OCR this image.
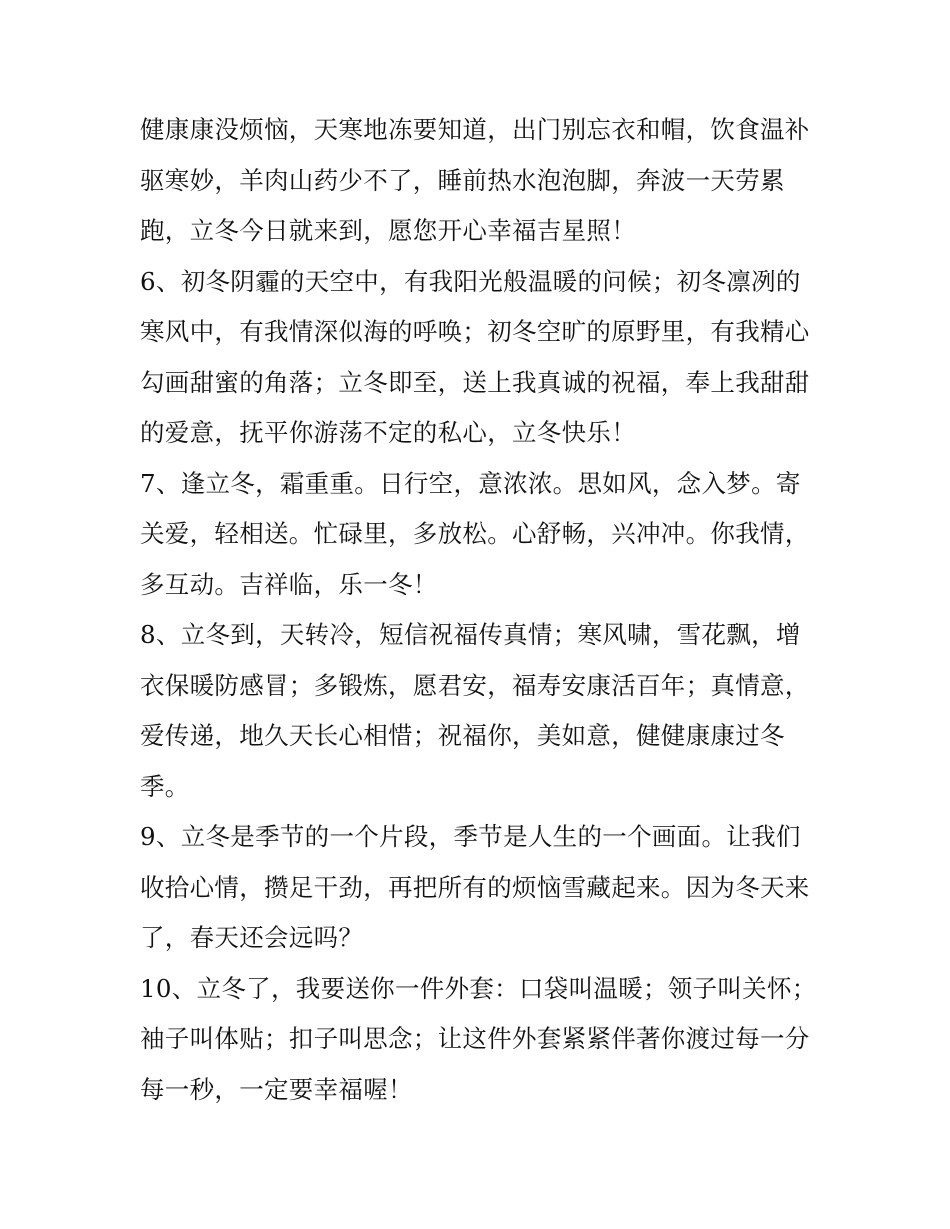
健康康没烦恼，天寒地冻要知道，出门别忘衣和帽，饮食温补
驱寒妙，羊肉山药少不了，睡前热水泡泡脚，奔波一天劳累
跑，立冬今日就来到，愿您开心幸福吉星照！
6、初冬阴霾的天空中，有我阳光般温暖的问候；初冬凛冽的
寒风中，有我情深似海的呼唤；初冬空旷的原野里，有我精心
勾画甜蜜的角落；立冬即至，送上我真诚的祝福，奉上我甜甜
的爱意，抚平你游荡不定的私心，立冬快乐！
7、逢立冬，霜重重。日行空，意浓浓。思如风，念入梦。寄
关爱，轻相送。忙碌里，多放松。心舒畅，兴冲冲。你我情，
多互动。吉祥临，乐一冬！
8、立冬到，天转冷，短信祝福传真情；寒风啸，雪花飘，增
衣保暖防感冒；多锻炼，愿君安，福寿安康活百年；真情意，
爱传递，地久天长心相惜；祝福你，美如意，健健康康过冬
季。
9、立冬是季节的一个片段，季节是人生的一个画面。让我们
收拾心情，攒足干劲，再把所有的烦恼雪藏起来。因为冬天来
了，春天还会远吗？
10、立冬了，我要送你一件外套：口袋叫温暖；领子叫关怀；
袖子叫体贴；扣子叫思念；让这件外套紧紧伴著你渡过每一分
每一秒，一定要幸福喔！
